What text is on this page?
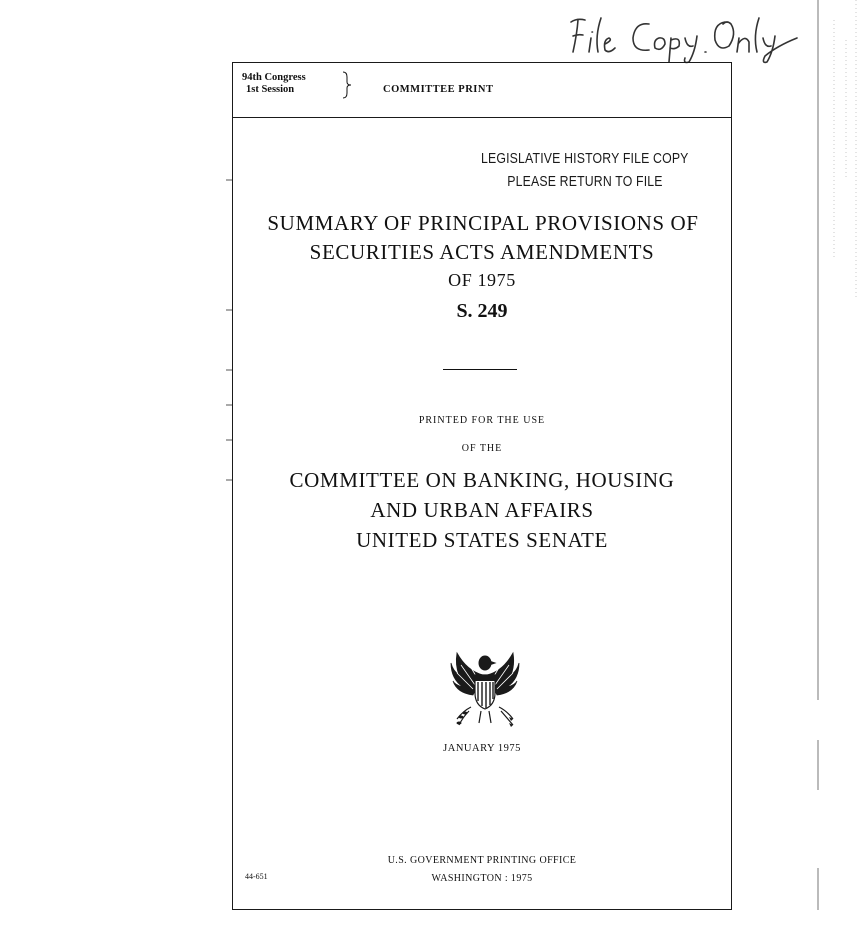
94th Congress
1st Session	COMMITTEE PRINT
LEGISLATIVE HISTORY FILE COPY
PLEASE RETURN TO FILE
SUMMARY OF PRINCIPAL PROVISIONS OF
SECURITIES ACTS AMENDMENTS
OF 1975
S. 249
PRINTED FOR THE USE
OF THE
COMMITTEE ON BANKING, HOUSING
AND URBAN AFFAIRS
UNITED STATES SENATE
JANUARY 1975
U.S. GOVERNMENT PRINTING OFFICE
WASHINGTON : 1975
44-651
